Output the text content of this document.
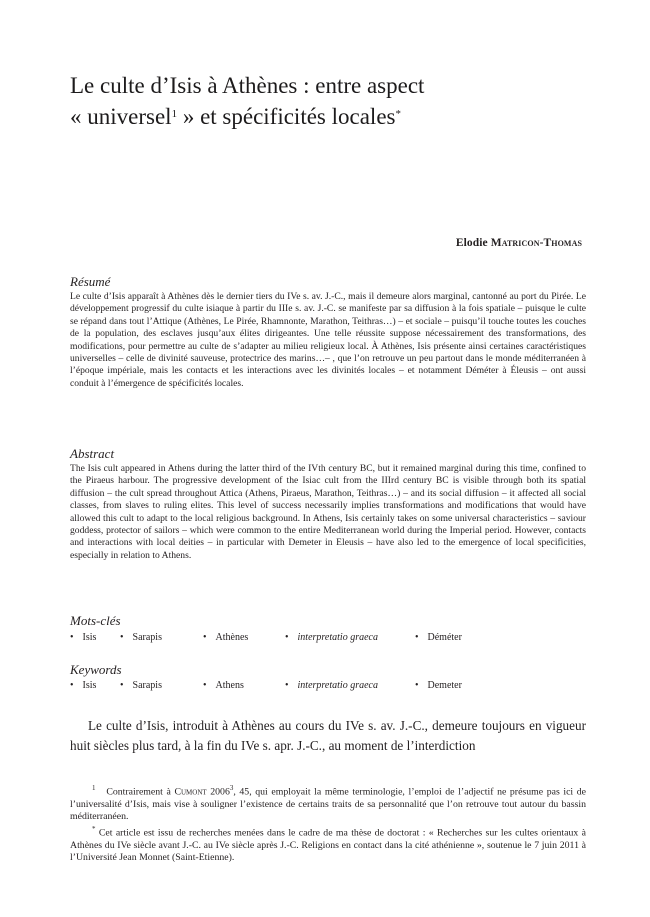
Le culte d’Isis à Athènes : entre aspect
« universel$^1$ » et spécificités locales*
Elodie Matricon-Thomas
Résumé

Le culte d’Isis apparaît à Athènes dès le dernier tiers du IVe s. av. J.-C., mais il demeure alors marginal, cantonné au port du Pirée. Le développement progressif du culte isiaque à partir du IIIe s. av. J.-C. se manifeste par sa diffusion à la fois spatiale – puisque le culte se répand dans tout l’Attique (Athènes, Le Pirée, Rhamnonte, Marathon, Teithras…) – et sociale – puisqu’il touche toutes les couches de la population, des esclaves jusqu’aux élites dirigeantes. Une telle réussite suppose nécessairement des transformations, des modifications, pour permettre au culte de s’adapter au milieu religieux local. À Athènes, Isis présente ainsi certaines caractéristiques universelles – celle de divinité sauveuse, protectrice des marins…– , que l’on retrouve un peu partout dans le monde méditerranéen à l’époque impériale, mais les contacts et les interactions avec les divinités locales – et notamment Déméter à Éleusis – ont aussi conduit à l’émergence de spécificités locales.

Abstract

The Isis cult appeared in Athens during the latter third of the IVth century BC, but it remained marginal during this time, confined to the Piraeus harbour. The progressive development of the Isiac cult from the IIIrd century BC is visible through both its spatial diffusion – the cult spread throughout Attica (Athens, Piraeus, Marathon, Teithras…) – and its social diffusion – it affected all social classes, from slaves to ruling elites. This level of success necessarily implies transformations and modifications that would have allowed this cult to adapt to the local religious background. In Athens, Isis certainly takes on some universal characteristics – saviour goddess, protector of sailors – which were common to the entire Mediterranean world during the Imperial period. However, contacts and interactions with local deities – in particular with Demeter in Eleusis – have also led to the emergence of local specificities, especially in relation to Athens.

Mots-clés
• Isis • Sarapis	• Athènes	• interpretatio graeca	• Déméter
Keywords
• Isis • Sarapis	• Athens	• interpretatio graeca	• Demeter

Le culte d’Isis, introduit à Athènes au cours du IVe s. av. J.-C., demeure toujours en vigueur huit siècles plus tard, à la fin du IVe s. apr. J.-C., au moment de l’interdiction

$^1$ Contrairement à Cumont 2006$^3$, 45, qui employait la même terminologie, l’emploi de l’adjectif ne présume pas ici de l’universalité d’Isis, mais vise à souligner l’existence de certains traits de sa personnalité que l’on retrouve tout autour du bassin méditerranéen.

* Cet article est issu de recherches menées dans le cadre de ma thèse de doctorat : « Recherches sur les cultes orientaux à Athènes du IVe siècle avant J.-C. au IVe siècle après J.-C. Religions en contact dans la cité athénienne », soutenue le 7 juin 2011 à l’Université Jean Monnet (Saint-Etienne).
